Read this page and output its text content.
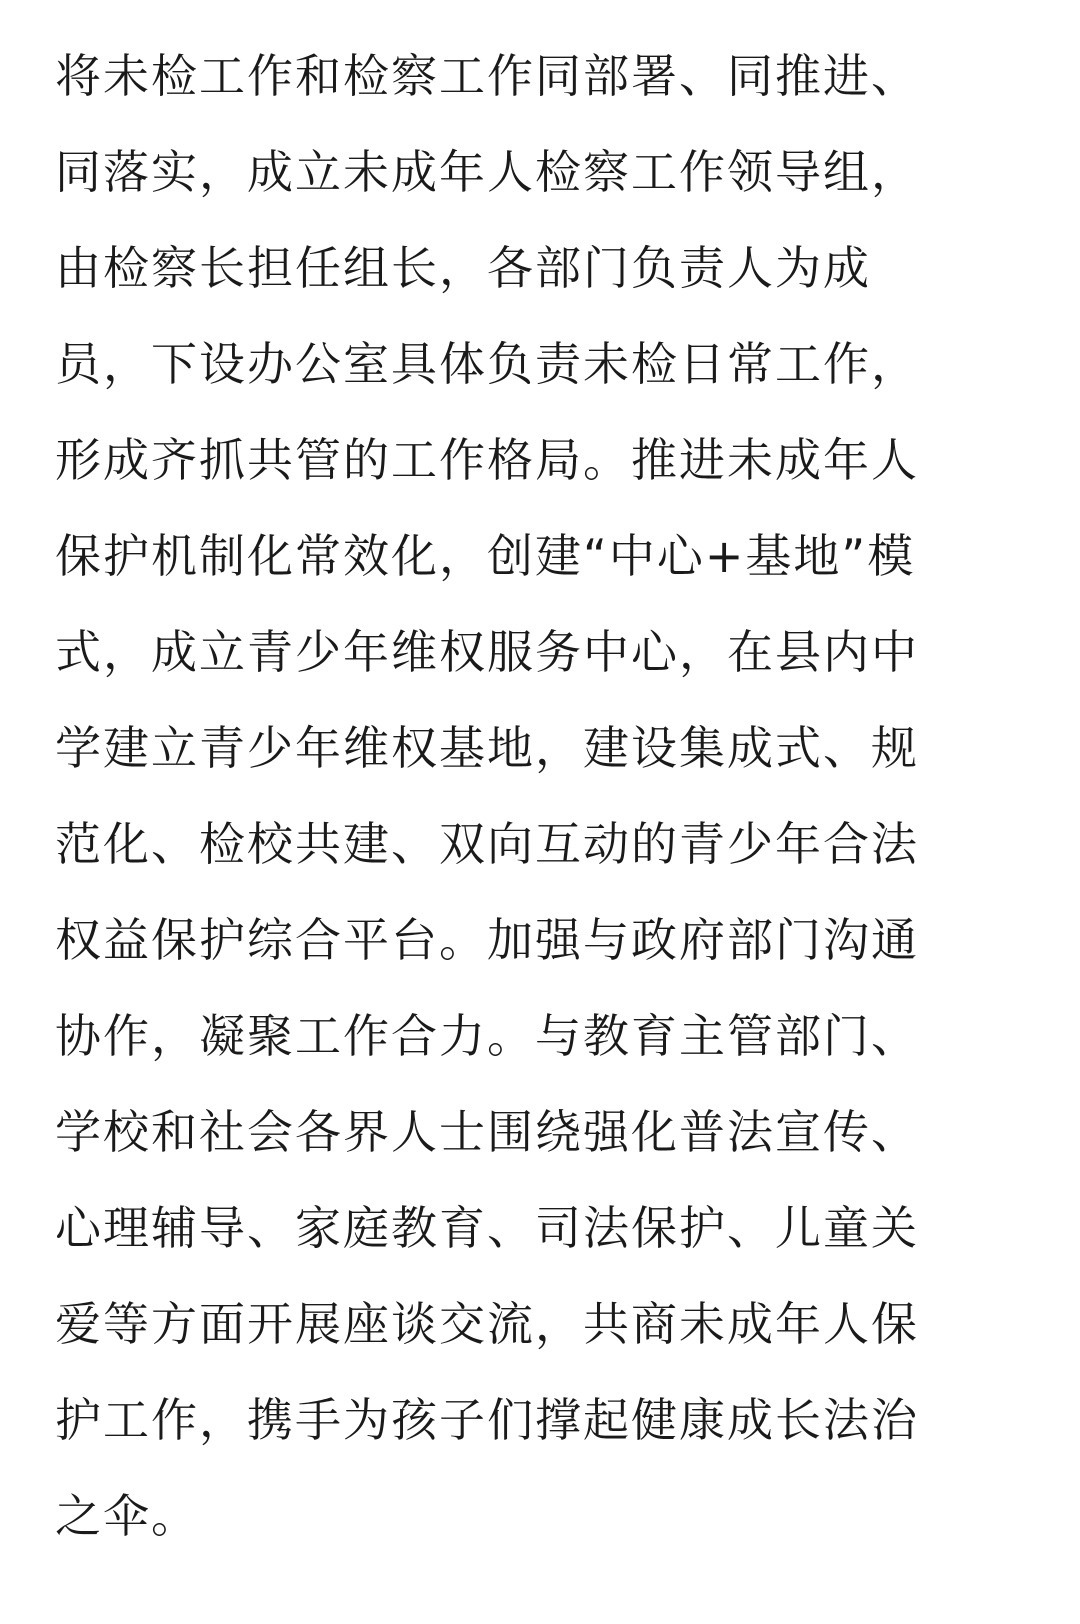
将未检工作和检察工作同部署、同推进、

同落实，成立未成年人检察工作领导组，

由检察长担任组长，各部门负责人为成

员，下设办公室具体负责未检日常工作，

形成齐抓共管的工作格局。推进未成年人

保护机制化常效化，创建“中心+基地”模

式，成立青少年维权服务中心，在县内中

学建立青少年维权基地，建设集成式、规

范化、检校共建、双向互动的青少年合法

权益保护综合平台。加强与政府部门沟通

协作，凝聚工作合力。与教育主管部门、

学校和社会各界人士围绕强化普法宣传、

心理辅导、家庭教育、司法保护、儿童关

爱等方面开展座谈交流，共商未成年人保

护工作，携手为孩子们撑起健康成长法治

之伞。
